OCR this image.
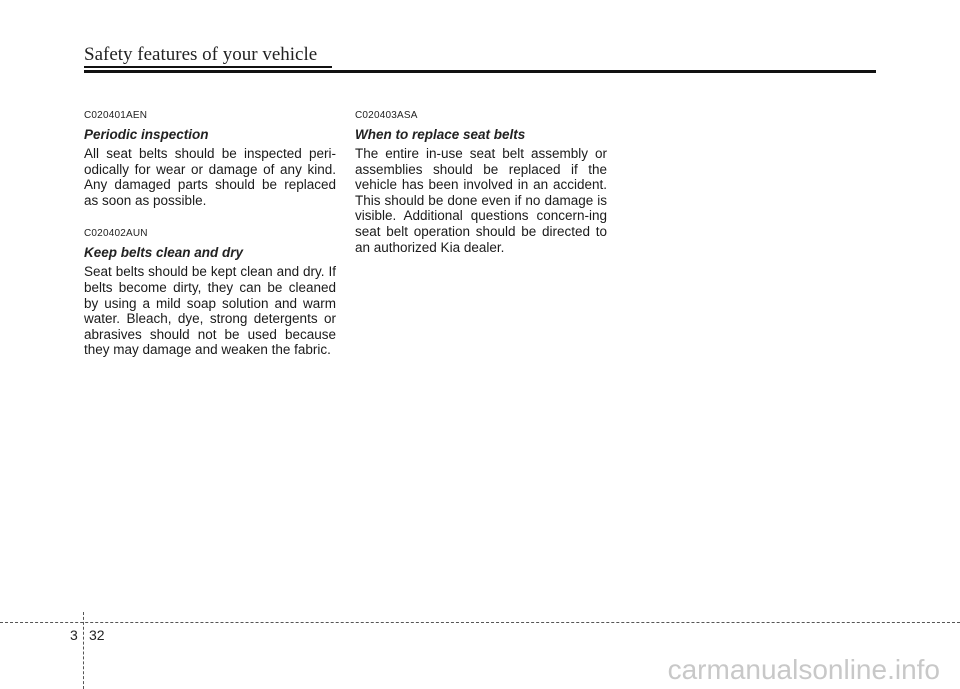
Safety features of your vehicle
C020401AEN
Periodic inspection

All seat belts should be inspected peri-odically for wear or damage of any kind. Any damaged parts should be replaced as soon as possible.

C020402AUN
Keep belts clean and dry

Seat belts should be kept clean and dry. If belts become dirty, they can be cleaned by using a mild soap solution and warm water. Bleach, dye, strong detergents or abrasives should not be used because they may damage and weaken the fabric.

C020403ASA
When to replace seat belts

The entire in-use seat belt assembly or assemblies should be replaced if the vehicle has been involved in an accident. This should be done even if no damage is visible. Additional questions concern-ing seat belt operation should be directed to an authorized Kia dealer.

3 32
carmanualsonline.info
